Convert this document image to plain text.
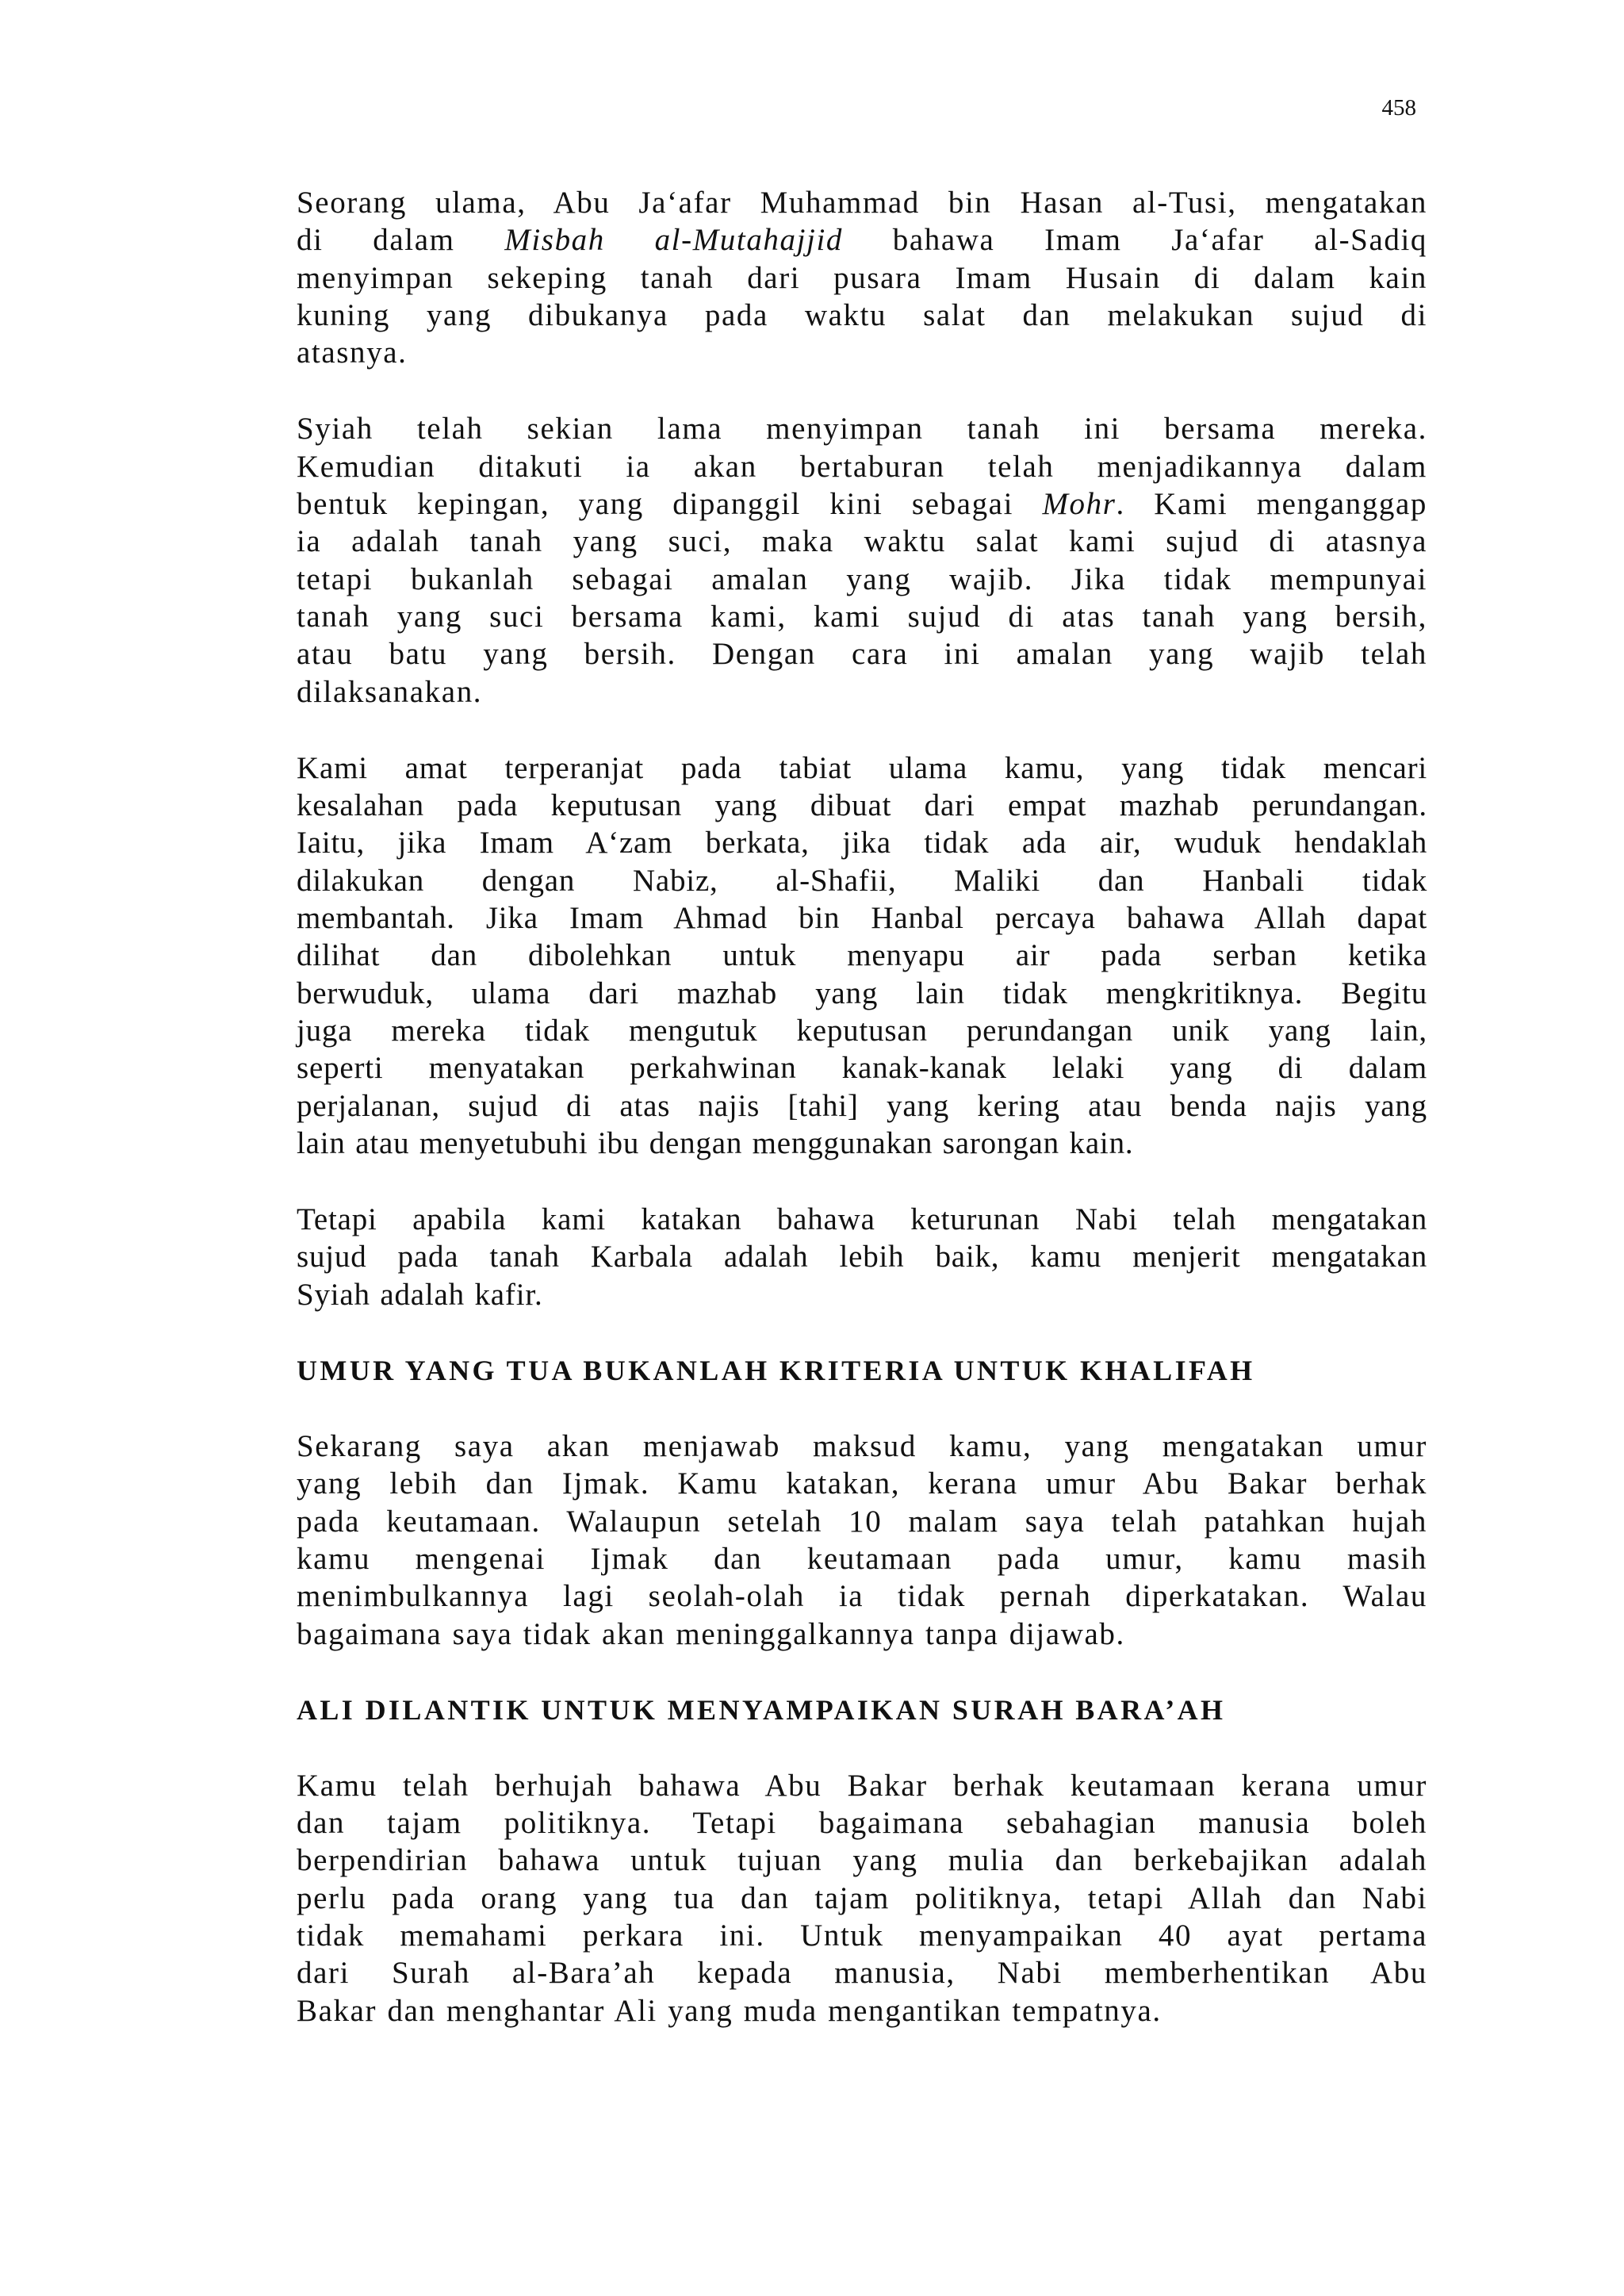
458
Seorang ulama, Abu Ja‘afar Muhammad bin Hasan al-Tusi, mengatakan
di dalam Misbah al-Mutahajjid bahawa Imam Ja‘afar al-Sadiq
menyimpan sekeping tanah dari pusara Imam Husain di dalam kain
kuning yang dibukanya pada waktu salat dan melakukan sujud di
atasnya.
Syiah telah sekian lama menyimpan tanah ini bersama mereka.
Kemudian ditakuti ia akan bertaburan telah menjadikannya dalam
bentuk kepingan, yang dipanggil kini sebagai Mohr. Kami menganggap
ia adalah tanah yang suci, maka waktu salat kami sujud di atasnya
tetapi bukanlah sebagai amalan yang wajib. Jika tidak mempunyai
tanah yang suci bersama kami, kami sujud di atas tanah yang bersih,
atau batu yang bersih. Dengan cara ini amalan yang wajib telah
dilaksanakan.
Kami amat terperanjat pada tabiat ulama kamu, yang tidak mencari
kesalahan pada keputusan yang dibuat dari empat mazhab perundangan.
Iaitu, jika Imam A‘zam berkata, jika tidak ada air, wuduk hendaklah
dilakukan dengan Nabiz, al-Shafii, Maliki dan Hanbali tidak
membantah. Jika Imam Ahmad bin Hanbal percaya bahawa Allah dapat
dilihat dan dibolehkan untuk menyapu air pada serban ketika
berwuduk, ulama dari mazhab yang lain tidak mengkritiknya. Begitu
juga mereka tidak mengutuk keputusan perundangan unik yang lain,
seperti menyatakan perkahwinan kanak-kanak lelaki yang di dalam
perjalanan, sujud di atas najis [tahi] yang kering atau benda najis yang
lain atau menyetubuhi ibu dengan menggunakan sarongan kain.
Tetapi apabila kami katakan bahawa keturunan Nabi telah mengatakan
sujud pada tanah Karbala adalah lebih baik, kamu menjerit mengatakan
Syiah adalah kafir.
UMUR YANG TUA BUKANLAH KRITERIA UNTUK KHALIFAH
Sekarang saya akan menjawab maksud kamu, yang mengatakan umur
yang lebih dan Ijmak. Kamu katakan, kerana umur Abu Bakar berhak
pada keutamaan. Walaupun setelah 10 malam saya telah patahkan hujah
kamu mengenai Ijmak dan keutamaan pada umur, kamu masih
menimbulkannya lagi seolah-olah ia tidak pernah diperkatakan. Walau
bagaimana saya tidak akan meninggalkannya tanpa dijawab.
ALI DILANTIK UNTUK MENYAMPAIKAN SURAH BARA’AH
Kamu telah berhujah bahawa Abu Bakar berhak keutamaan kerana umur
dan tajam politiknya. Tetapi bagaimana sebahagian manusia boleh
berpendirian bahawa untuk tujuan yang mulia dan berkebajikan adalah
perlu pada orang yang tua dan tajam politiknya, tetapi Allah dan Nabi
tidak memahami perkara ini. Untuk menyampaikan 40 ayat pertama
dari Surah al-Bara’ah kepada manusia, Nabi memberhentikan Abu
Bakar dan menghantar Ali yang muda mengantikan tempatnya.
